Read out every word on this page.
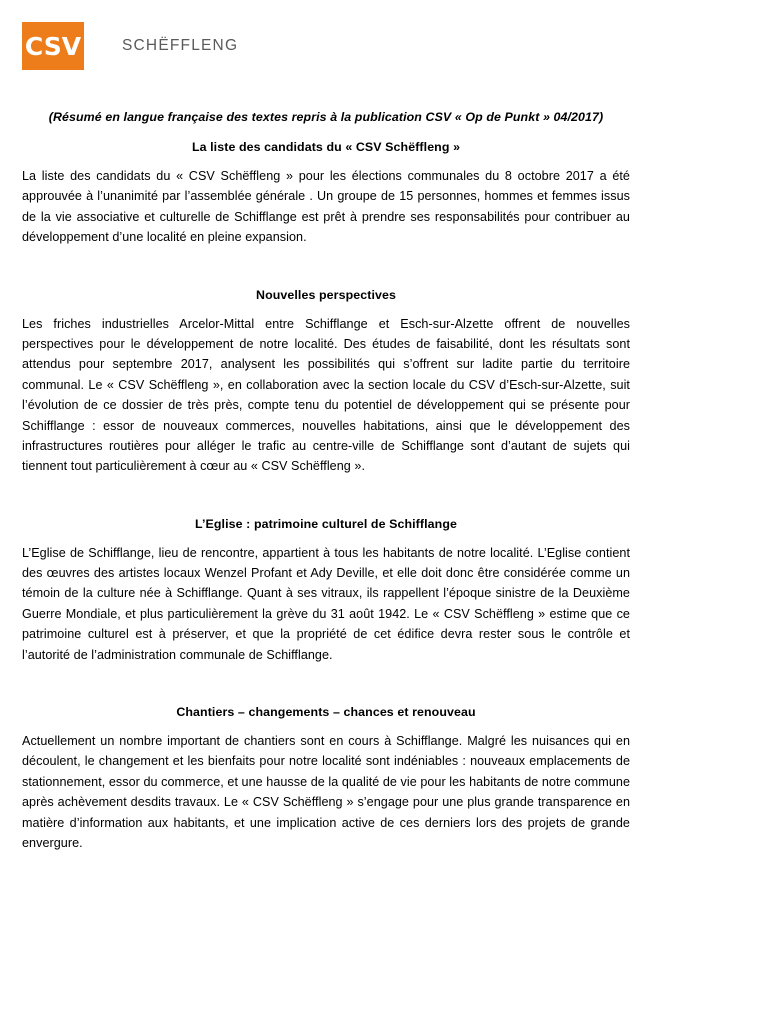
CSV	SCHËFFLENG

(Résumé en langue française des textes repris à la publication CSV « Op de Punkt » 04/2017)

La liste des candidats du « CSV Schëffleng »

La liste des candidats du « CSV Schëffleng » pour les élections communales du 8 octobre 2017 a été approuvée à l’unanimité par l’assemblée générale . Un groupe de 15 personnes, hommes et femmes issus de la vie associative et culturelle de Schifflange est prêt à prendre ses responsabilités pour contribuer au développement d’une localité en pleine expansion.

Nouvelles perspectives

Les friches industrielles Arcelor-Mittal entre Schifflange et Esch-sur-Alzette offrent de nouvelles perspectives pour le développement de notre localité. Des études de faisabilité, dont les résultats sont attendus pour septembre 2017, analysent les possibilités qui s’offrent sur ladite partie du territoire communal. Le « CSV Schëffleng », en collaboration avec la section locale du CSV d’Esch-sur-Alzette, suit l’évolution de ce dossier de très près, compte tenu du potentiel de développement qui se présente pour Schifflange : essor de nouveaux commerces, nouvelles habitations, ainsi que le développement des infrastructures routières pour alléger le trafic au centre-ville de Schifflange sont d’autant de sujets qui tiennent tout particulièrement à cœur au « CSV Schëffleng ».

L’Eglise : patrimoine culturel de Schifflange

L’Eglise de Schifflange, lieu de rencontre, appartient à tous les habitants de notre localité. L’Eglise contient des œuvres des artistes locaux Wenzel Profant et Ady Deville, et elle doit donc être considérée comme un témoin de la culture née à Schifflange. Quant à ses vitraux, ils rappellent l’époque sinistre de la Deuxième Guerre Mondiale, et plus particulièrement la grève du 31 août 1942. Le « CSV Schëffleng » estime que ce patrimoine culturel est à préserver, et que la propriété de cet édifice devra rester sous le contrôle et l’autorité de l’administration communale de Schifflange.

Chantiers – changements – chances et renouveau

Actuellement un nombre important de chantiers sont en cours à Schifflange. Malgré les nuisances qui en découlent, le changement et les bienfaits pour notre localité sont indéniables : nouveaux emplacements de stationnement, essor du commerce, et une hausse de la qualité de vie pour les habitants de notre commune après achèvement desdits travaux. Le « CSV Schëffleng » s’engage pour une plus grande transparence en matière d’information aux habitants, et une implication active de ces derniers lors des projets de grande envergure.
